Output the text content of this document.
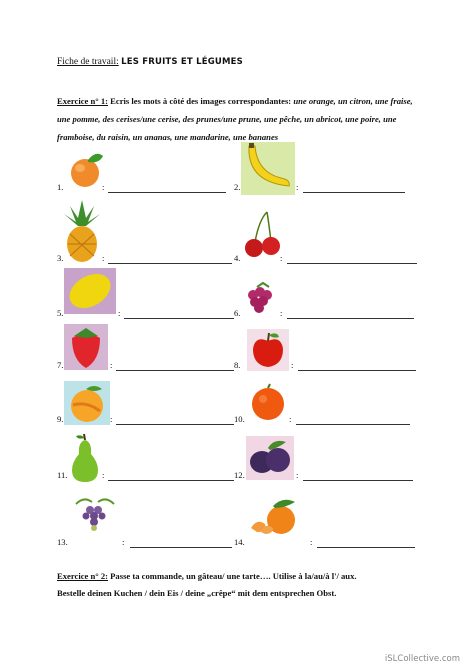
Fiche de travail: LES FRUITS ET LÉGUMES
Exercice n° 1: Ecris les mots à côté des images correspondantes: une orange, un citron, une fraise, une pomme, des cerises/une cerise, des prunes/une prune, une pêche, un abricot, une poire, une framboise, du raisin, un ananas, une mandarine, une bananes
1.	:	2.	:
3.	:	4.	:
5.	:	6.	:
7.	:	8.	:
9.	:	10.	:
11.	:	12.	:
13.	:	14.	:
Exercice n° 2: Passe ta commande, un gâteau/ une tarte…. Utilise à la/au/à l'/ aux.
Bestelle deinen Kuchen / dein Eis / deine „crêpe“ mit dem entsprechen Obst.
iSLCollective.com
